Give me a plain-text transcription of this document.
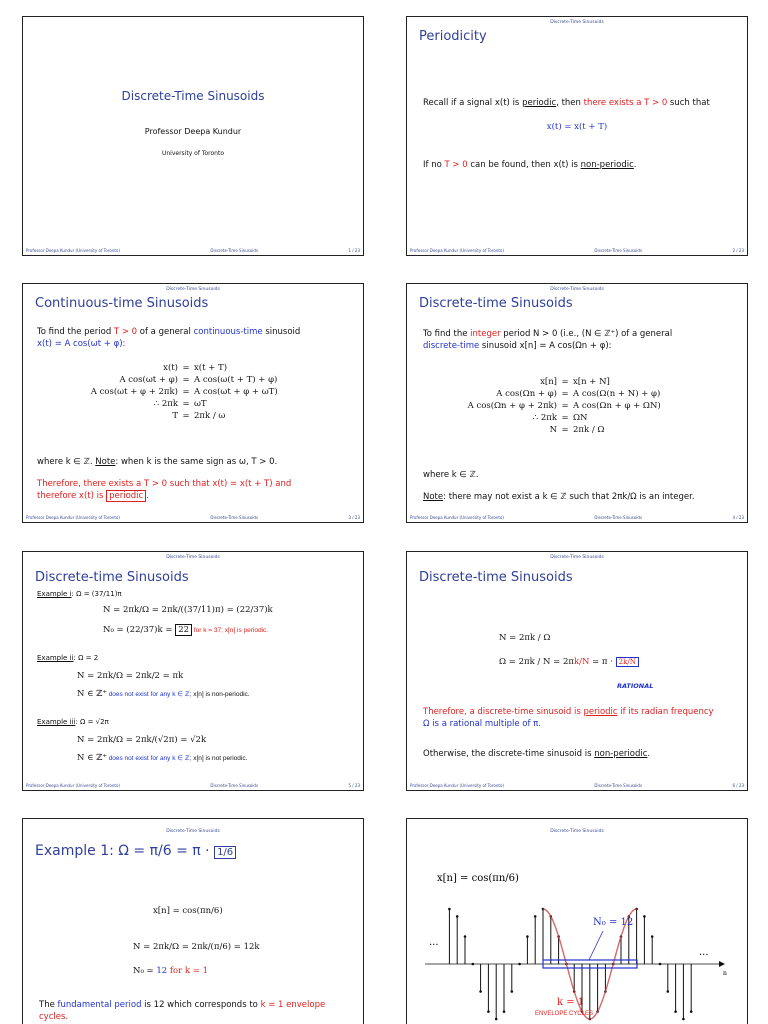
Discrete-Time Sinusoids
Professor Deepa Kundur
University of Toronto
Professor Deepa Kundur (University of Toronto)	Discrete-Time Sinusoids	1 / 23
Discrete-Time Sinusoids
Periodicity
Recall if a signal x(t) is periodic, then there exists a T > 0 such that
x(t) = x(t + T)
If no T > 0 can be found, then x(t) is non-periodic.
Professor Deepa Kundur (University of Toronto)	Discrete-Time Sinusoids	2 / 23
Discrete-Time Sinusoids
Continuous-time Sinusoids
To find the period T > 0 of a general continuous-time sinusoid
x(t) = A cos(ωt + φ):
x(t) = x(t + T)
A cos(ωt + φ) = A cos(ω(t + T) + φ)
A cos(ωt + φ + 2πk) = A cos(ωt + φ + ωT)
∴ 2πk = ωT
T = 2πk / ω
where k ∈ ℤ. Note: when k is the same sign as ω, T > 0.
Therefore, there exists a T > 0 such that x(t) = x(t + T) and
therefore x(t) is periodic .
Professor Deepa Kundur (University of Toronto)	Discrete-Time Sinusoids	3 / 23
Discrete-Time Sinusoids
Discrete-time Sinusoids
To find the integer period N > 0 (i.e., (N ∈ ℤ⁺) of a general
discrete-time sinusoid x[n] = A cos(Ωn + φ):
x[n] = x[n + N]
A cos(Ωn + φ) = A cos(Ω(n + N) + φ)
A cos(Ωn + φ + 2πk) = A cos(Ωn + φ + ΩN)
∴ 2πk = ΩN
N = 2πk / Ω
where k ∈ ℤ.
Note: there may not exist a k ∈ ℤ such that 2πk/Ω is an integer.
Professor Deepa Kundur (University of Toronto)	Discrete-Time Sinusoids	4 / 23
Discrete-Time Sinusoids
Discrete-time Sinusoids
Example i: Ω = (37/11)π
N = 2πk/Ω = 2πk/((37/11)π) = (22/37)k
N₀ = (22/37)k = 22 for k = 37; x[n] is periodic.
Example ii: Ω = 2
N = 2πk/Ω = 2πk/2 = πk
N ∈ ℤ⁺ does not exist for any k ∈ ℤ; x[n] is non-periodic.
Example iii: Ω = √2π
N = 2πk/Ω = 2πk/(√2π) = √2k
N ∈ ℤ⁺ does not exist for any k ∈ ℤ; x[n] is not periodic.
Professor Deepa Kundur (University of Toronto)	Discrete-Time Sinusoids	5 / 23
Discrete-Time Sinusoids
Discrete-time Sinusoids
N = 2πk / Ω
Ω = 2πk / N = 2πk/N = π · 2k/N
RATIONAL
Therefore, a discrete-time sinusoid is periodic if its radian frequency
Ω is a rational multiple of π.
Otherwise, the discrete-time sinusoid is non-periodic.
Professor Deepa Kundur (University of Toronto)	Discrete-Time Sinusoids	6 / 23
Discrete-Time Sinusoids
Example 1: Ω = π/6 = π · 1/6
x[n] = cos(πn/6)
N = 2πk/Ω = 2πk/(π/6) = 12k
N₀ = 12 for k = 1
The fundamental period is 12 which corresponds to k = 1 envelope
cycles.
Discrete-Time Sinusoids
x[n] = cos(πn/6)
N₀ = 12
k = 1
ENVELOPE CYCLES
...
...
n
